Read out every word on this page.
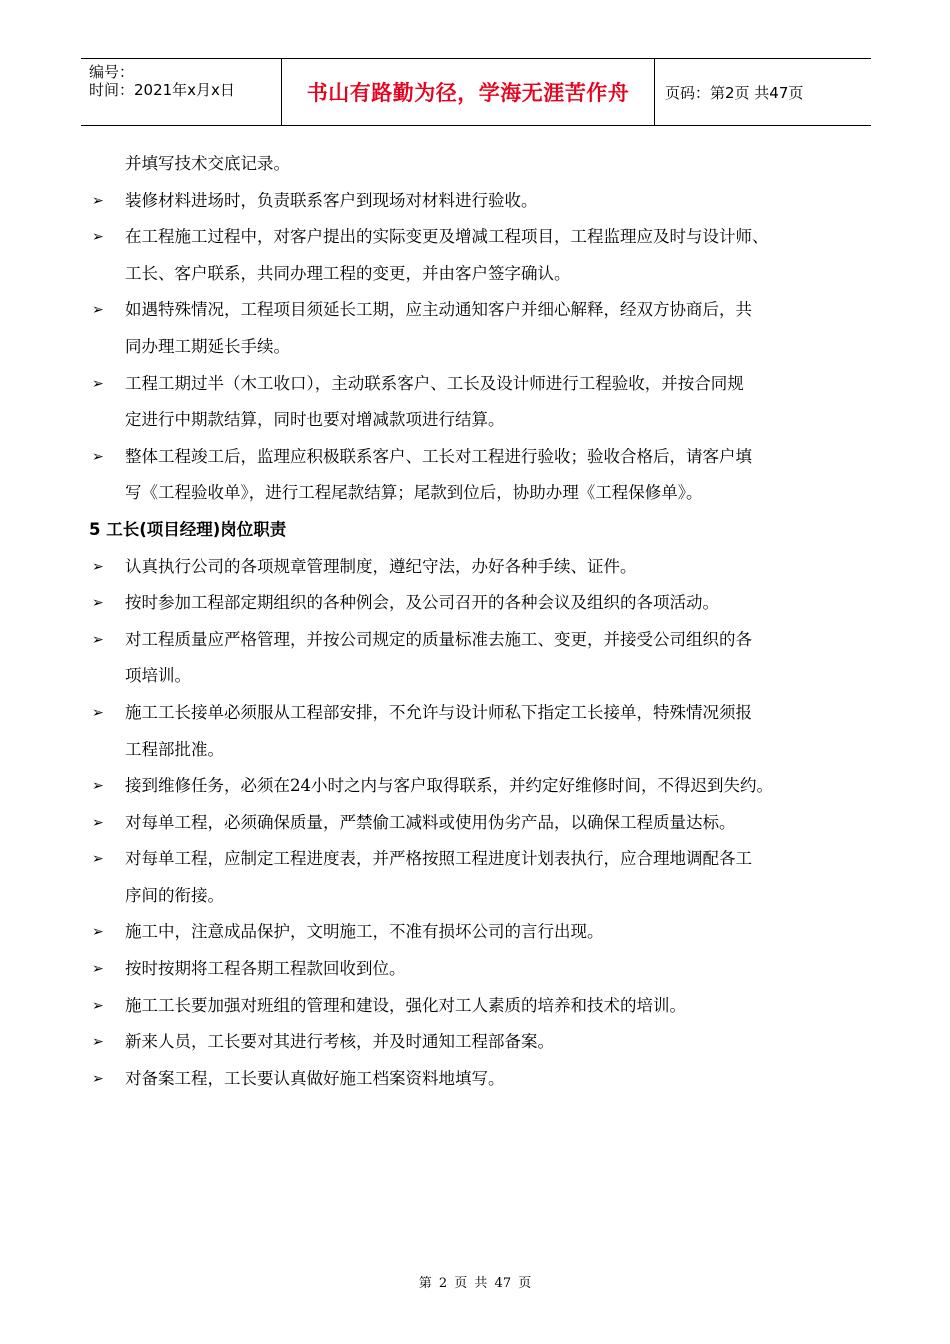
编号：
时间：2021年x月x日	书山有路勤为径，学海无涯苦作舟	页码：第2页 共47页
并填写技术交底记录。
➢	装修材料进场时，负责联系客户到现场对材料进行验收。
➢	在工程施工过程中，对客户提出的实际变更及增减工程项目，工程监理应及时与设计师、
工长、客户联系，共同办理工程的变更，并由客户签字确认。
➢	如遇特殊情况，工程项目须延长工期，应主动通知客户并细心解释，经双方协商后，共
同办理工期延长手续。
➢	工程工期过半（木工收口），主动联系客户、工长及设计师进行工程验收，并按合同规
定进行中期款结算，同时也要对增减款项进行结算。
➢	整体工程竣工后，监理应积极联系客户、工长对工程进行验收；验收合格后，请客户填
写《工程验收单》，进行工程尾款结算；尾款到位后，协助办理《工程保修单》。
5 工长(项目经理)岗位职责
➢	认真执行公司的各项规章管理制度，遵纪守法，办好各种手续、证件。
➢	按时参加工程部定期组织的各种例会，及公司召开的各种会议及组织的各项活动。
➢	对工程质量应严格管理，并按公司规定的质量标准去施工、变更，并接受公司组织的各
项培训。
➢	施工工长接单必须服从工程部安排，不允许与设计师私下指定工长接单，特殊情况须报
工程部批准。
➢	接到维修任务，必须在24小时之内与客户取得联系，并约定好维修时间，不得迟到失约。
➢	对每单工程，必须确保质量，严禁偷工减料或使用伪劣产品，以确保工程质量达标。
➢	对每单工程，应制定工程进度表，并严格按照工程进度计划表执行，应合理地调配各工
序间的衔接。
➢	施工中，注意成品保护，文明施工，不准有损坏公司的言行出现。
➢	按时按期将工程各期工程款回收到位。
➢	施工工长要加强对班组的管理和建设，强化对工人素质的培养和技术的培训。
➢	新来人员，工长要对其进行考核，并及时通知工程部备案。
➢	对备案工程，工长要认真做好施工档案资料地填写。
第 2 页 共 47 页
